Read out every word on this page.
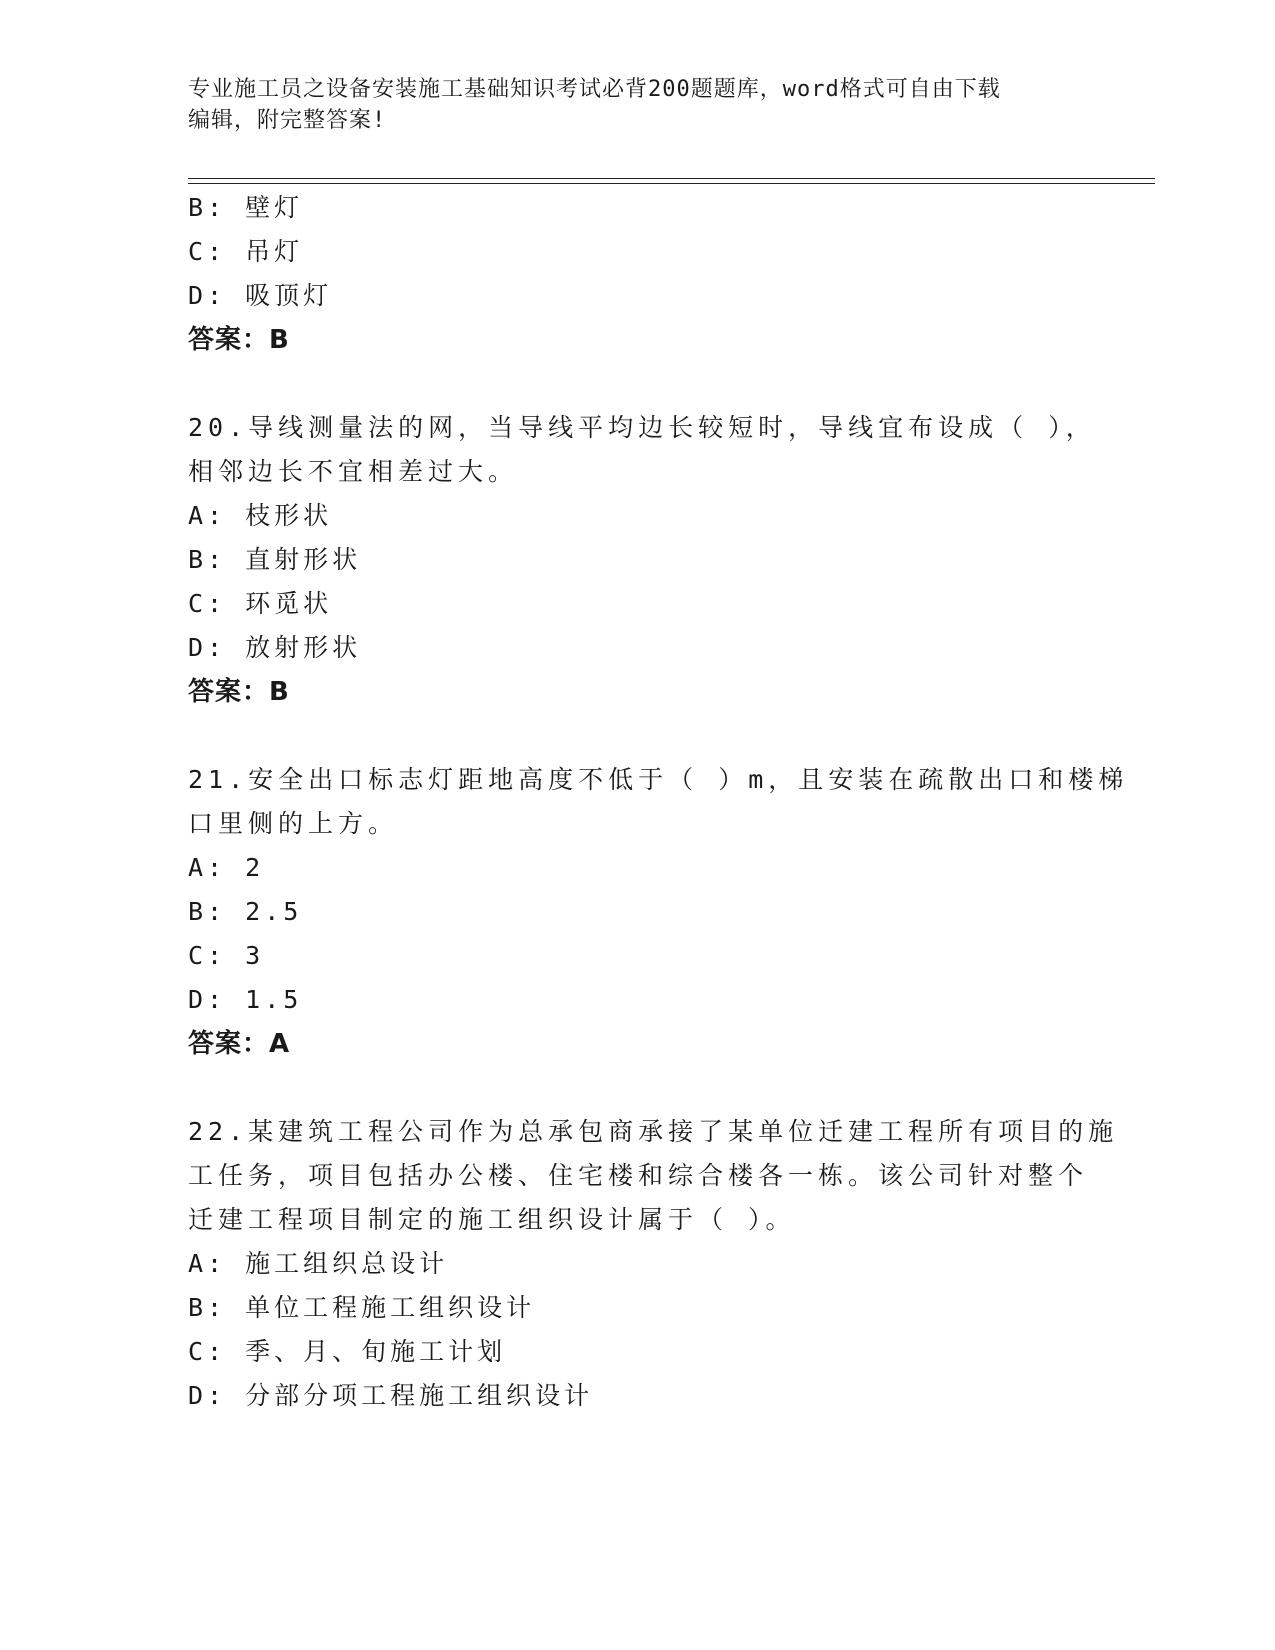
专业施工员之设备安装施工基础知识考试必背200题题库，word格式可自由下载
编辑，附完整答案!
B: 壁灯
C: 吊灯
D: 吸顶灯
答案：B
20.导线测量法的网，当导线平均边长较短时，导线宜布设成（ ），
相邻边长不宜相差过大。
A: 枝形状
B: 直射形状
C: 环觅状
D: 放射形状
答案：B
21.安全出口标志灯距地高度不低于（ ）m，且安装在疏散出口和楼梯
口里侧的上方。
A: 2
B: 2.5
C: 3
D: 1.5
答案：A
22.某建筑工程公司作为总承包商承接了某单位迁建工程所有项目的施
工任务，项目包括办公楼、住宅楼和综合楼各一栋。该公司针对整个
迁建工程项目制定的施工组织设计属于（ ）。
A: 施工组织总设计
B: 单位工程施工组织设计
C: 季、月、旬施工计划
D: 分部分项工程施工组织设计
